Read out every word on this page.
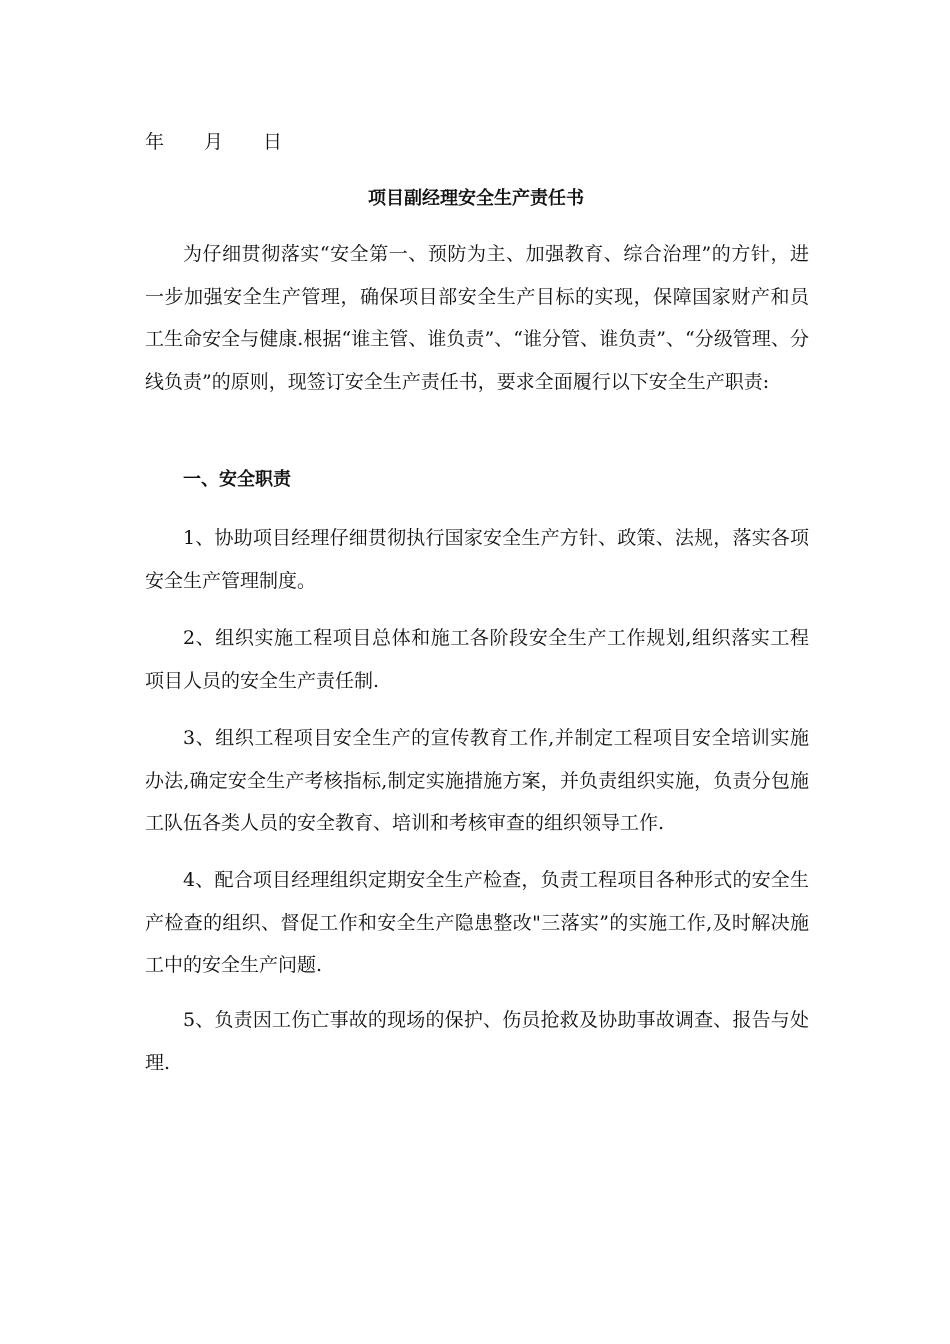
年 月 日
项目副经理安全生产责任书

为仔细贯彻落实“安全第一、预防为主、加强教育、综合治理”的方针，进一步加强安全生产管理，确保项目部安全生产目标的实现，保障国家财产和员工生命安全与健康.根据“谁主管、谁负责”、“谁分管、谁负责”、“分级管理、分线负责”的原则，现签订安全生产责任书，要求全面履行以下安全生产职责:

一、安全职责

1、协助项目经理仔细贯彻执行国家安全生产方针、政策、法规，落实各项安全生产管理制度。

2、组织实施工程项目总体和施工各阶段安全生产工作规划,组织落实工程项目人员的安全生产责任制.

3、组织工程项目安全生产的宣传教育工作,并制定工程项目安全培训实施办法,确定安全生产考核指标,制定实施措施方案，并负责组织实施，负责分包施工队伍各类人员的安全教育、培训和考核审查的组织领导工作.

4、配合项目经理组织定期安全生产检查，负责工程项目各种形式的安全生产检查的组织、督促工作和安全生产隐患整改"三落实”的实施工作,及时解决施工中的安全生产问题.

5、负责因工伤亡事故的现场的保护、伤员抢救及协助事故调查、报告与处理.
